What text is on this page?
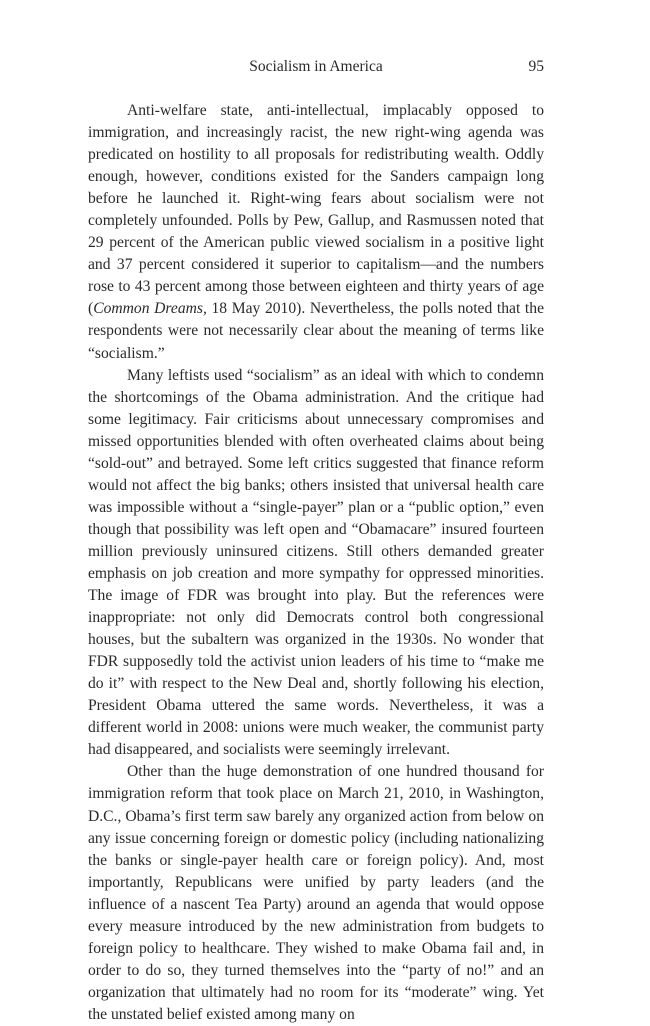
Socialism in America	95

Anti-welfare state, anti-intellectual, implacably opposed to immigration, and increasingly racist, the new right-wing agenda was predicated on hostility to all proposals for redistributing wealth. Oddly enough, however, conditions existed for the Sanders campaign long before he launched it. Right-wing fears about socialism were not completely unfounded. Polls by Pew, Gallup, and Rasmussen noted that 29 percent of the American public viewed socialism in a positive light and 37 percent considered it superior to capitalism—and the numbers rose to 43 percent among those between eighteen and thirty years of age (Common Dreams, 18 May 2010). Nevertheless, the polls noted that the respondents were not necessarily clear about the meaning of terms like “socialism.”

Many leftists used “socialism” as an ideal with which to condemn the shortcomings of the Obama administration. And the critique had some legitimacy. Fair criticisms about unnecessary compromises and missed opportunities blended with often overheated claims about being “sold-out” and betrayed. Some left critics suggested that finance reform would not affect the big banks; others insisted that universal health care was impossible without a “single-payer” plan or a “public option,” even though that possibility was left open and “Obamacare” insured fourteen million previously uninsured citizens. Still others demanded greater emphasis on job creation and more sympathy for oppressed minorities. The image of FDR was brought into play. But the references were inappropriate: not only did Democrats control both congressional houses, but the subaltern was organized in the 1930s. No wonder that FDR supposedly told the activist union leaders of his time to “make me do it” with respect to the New Deal and, shortly following his election, President Obama uttered the same words. Nevertheless, it was a different world in 2008: unions were much weaker, the communist party had disappeared, and socialists were seemingly irrelevant.

Other than the huge demonstration of one hundred thousand for immigration reform that took place on March 21, 2010, in Washington, D.C., Obama’s first term saw barely any organized action from below on any issue concerning foreign or domestic policy (including nationalizing the banks or single-payer health care or foreign policy). And, most importantly, Republicans were unified by party leaders (and the influence of a nascent Tea Party) around an agenda that would oppose every measure introduced by the new administration from budgets to foreign policy to healthcare. They wished to make Obama fail and, in order to do so, they turned themselves into the “party of no!” and an organization that ultimately had no room for its “moderate” wing. Yet the unstated belief existed among many on
